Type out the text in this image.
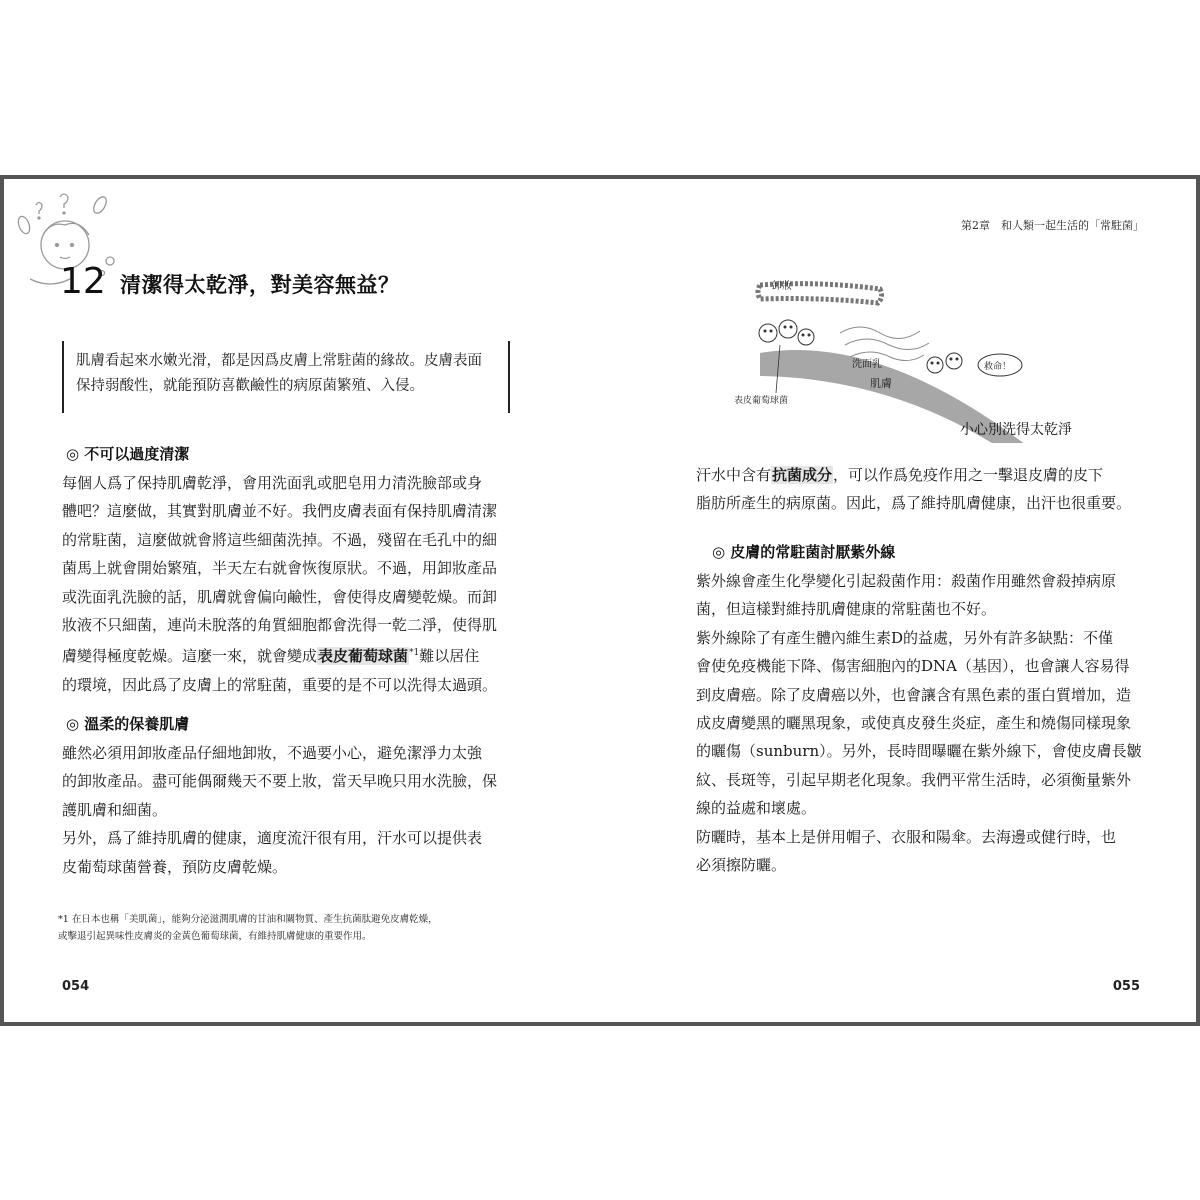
12 清潔得太乾淨，對美容無益？

肌膚看起來水嫩光滑，都是因爲皮膚上常駐菌的緣故。皮膚表面
保持弱酸性，就能預防喜歡鹼性的病原菌繁殖、入侵。

◎ 不可以過度清潔
每個人爲了保持肌膚乾淨，會用洗面乳或肥皂用力清洗臉部或身
體吧？這麼做，其實對肌膚並不好。我們皮膚表面有保持肌膚清潔
的常駐菌，這麼做就會將這些細菌洗掉。不過，殘留在毛孔中的細
菌馬上就會開始繁殖，半天左右就會恢復原狀。不過，用卸妝產品
或洗面乳洗臉的話，肌膚就會偏向鹼性，會使得皮膚變乾燥。而卸
妝液不只細菌，連尚未脫落的角質細胞都會洗得一乾二淨，使得肌
膚變得極度乾燥。這麼一來，就會變成表皮葡萄球菌$^{*1}$難以居住
的環境，因此爲了皮膚上的常駐菌，重要的是不可以洗得太過頭。
◎ 溫柔的保養肌膚
雖然必須用卸妝產品仔細地卸妝，不過要小心，避免潔淨力太強
的卸妝產品。盡可能偶爾幾天不要上妝，當天早晚只用水洗臉，保
護肌膚和細菌。
另外，爲了維持肌膚的健康，適度流汗很有用，汗水可以提供表
皮葡萄球菌營養，預防皮膚乾燥。
*1 在日本也稱「美肌菌」，能夠分泌滋潤肌膚的甘油和關物質、產生抗菌肽避免皮膚乾燥，
或擊退引起異味性皮膚炎的金黃色葡萄球菌，有維持肌膚健康的重要作用。
054
第2章　和人類一起生活的「常駐菌」
卸妝
肌膚
洗面乳	救命！
表皮葡萄球菌
小心別洗得太乾淨
汗水中含有抗菌成分，可以作爲免疫作用之一擊退皮膚的皮下
脂肪所產生的病原菌。因此，爲了維持肌膚健康，出汗也很重要。
◎ 皮膚的常駐菌討厭紫外線
紫外線會產生化學變化引起殺菌作用：殺菌作用雖然會殺掉病原
菌，但這樣對維持肌膚健康的常駐菌也不好。
紫外線除了有產生體內維生素D的益處，另外有許多缺點：不僅
會使免疫機能下降、傷害細胞內的DNA（基因），也會讓人容易得
到皮膚癌。除了皮膚癌以外，也會讓含有黑色素的蛋白質增加，造
成皮膚變黑的曬黑現象，或使真皮發生炎症，產生和燒傷同樣現象
的曬傷（sunburn）。另外，長時間曝曬在紫外線下，會使皮膚長皺
紋、長斑等，引起早期老化現象。我們平常生活時，必須衡量紫外
線的益處和壞處。
防曬時，基本上是併用帽子、衣服和陽傘。去海邊或健行時，也
必須擦防曬。
055
